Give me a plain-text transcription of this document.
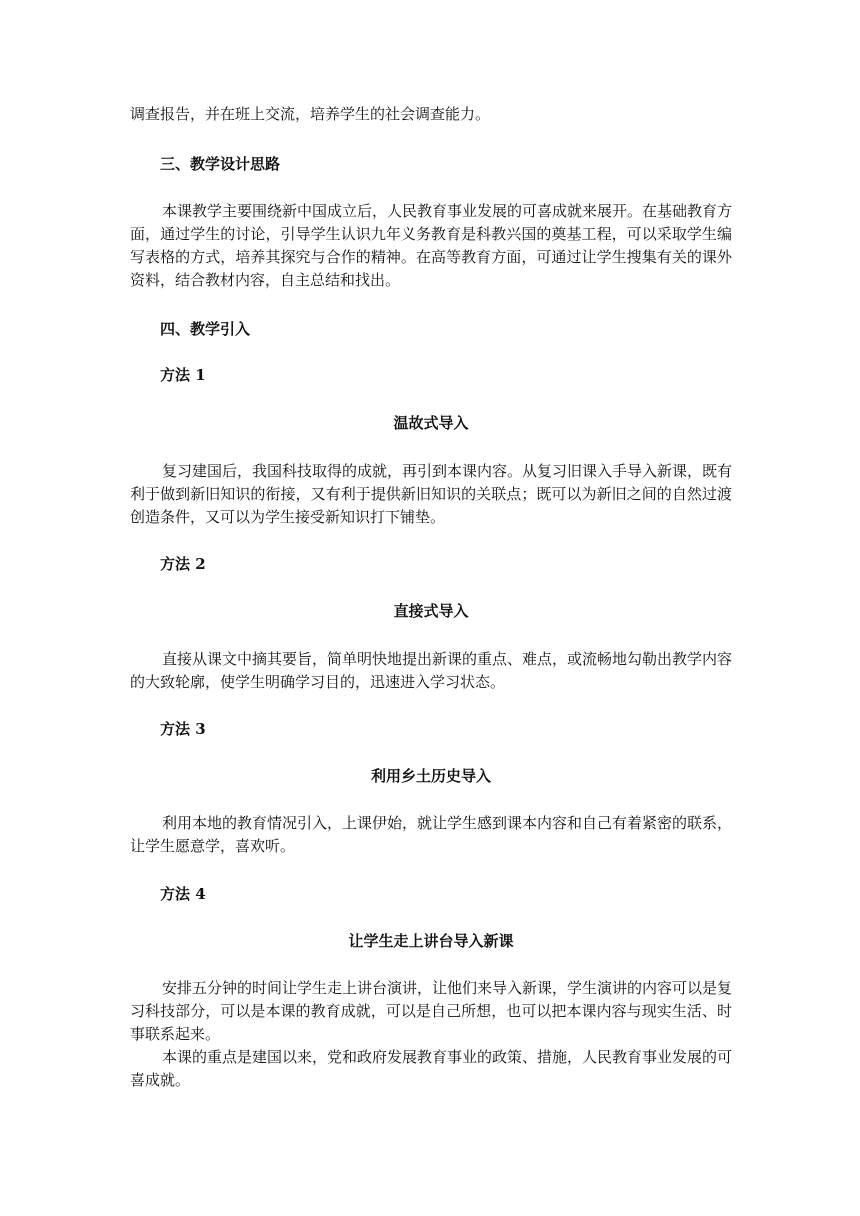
调查报告，并在班上交流，培养学生的社会调查能力。

三、教学设计思路

本课教学主要围绕新中国成立后，人民教育事业发展的可喜成就来展开。在基础教育方面，通过学生的讨论，引导学生认识九年义务教育是科教兴国的奠基工程，可以采取学生编写表格的方式，培养其探究与合作的精神。在高等教育方面，可通过让学生搜集有关的课外资料，结合教材内容，自主总结和找出。

四、教学引入
方法 1
温故式导入

复习建国后，我国科技取得的成就，再引到本课内容。从复习旧课入手导入新课，既有利于做到新旧知识的衔接，又有利于提供新旧知识的关联点；既可以为新旧之间的自然过渡创造条件，又可以为学生接受新知识打下铺垫。

方法 2
直接式导入

直接从课文中摘其要旨，简单明快地提出新课的重点、难点，或流畅地勾勒出教学内容的大致轮廓，使学生明确学习目的，迅速进入学习状态。

方法 3
利用乡土历史导入

利用本地的教育情况引入，上课伊始，就让学生感到课本内容和自己有着紧密的联系，让学生愿意学，喜欢听。

方法 4
让学生走上讲台导入新课

安排五分钟的时间让学生走上讲台演讲，让他们来导入新课，学生演讲的内容可以是复习科技部分，可以是本课的教育成就，可以是自己所想，也可以把本课内容与现实生活、时事联系起来。

本课的重点是建国以来，党和政府发展教育事业的政策、措施，人民教育事业发展的可喜成就。
